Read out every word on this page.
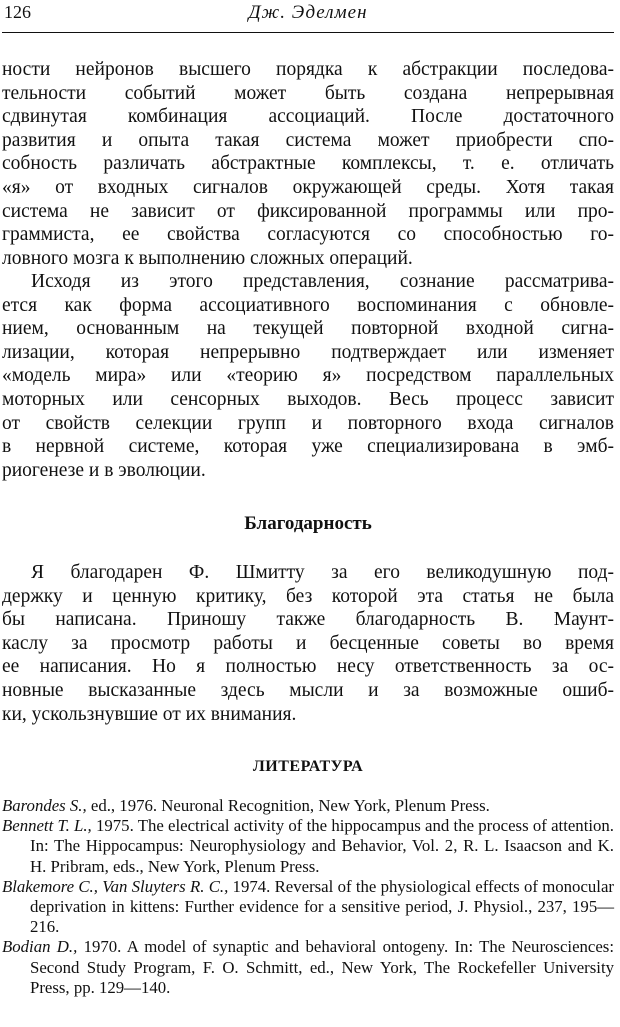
126	Дж. Эделмен
ности нейронов высшего порядка к абстракции последова-
тельности событий может быть создана непрерывная
сдвинутая комбинация ассоциаций. После достаточного
развития и опыта такая система может приобрести спо-
собность различать абстрактные комплексы, т. е. отличать
«я» от входных сигналов окружающей среды. Хотя такая
система не зависит от фиксированной программы или про-
граммиста, ее свойства согласуются со способностью го-
ловного мозга к выполнению сложных операций.
Исходя из этого представления, сознание рассматрива-
ется как форма ассоциативного воспоминания с обновле-
нием, основанным на текущей повторной входной сигна-
лизации, которая непрерывно подтверждает или изменяет
«модель мира» или «теорию я» посредством параллельных
моторных или сенсорных выходов. Весь процесс зависит
от свойств селекции групп и повторного входа сигналов
в нервной системе, которая уже специализирована в эмб-
риогенезе и в эволюции.
Благодарность
Я благодарен Ф. Шмитту за его великодушную под-
держку и ценную критику, без которой эта статья не была
бы написана. Приношу также благодарность В. Маунт-
каслу за просмотр работы и бесценные советы во время
ее написания. Но я полностью несу ответственность за ос-
новные высказанные здесь мысли и за возможные ошиб-
ки, ускользнувшие от их внимания.
ЛИТЕРАТУРА
Barondes S., ed., 1976. Neuronal Recognition, New York, Plenum Press.
Bennett T. L., 1975. The electrical activity of the hippocampus and the process of attention. In: The Hippocampus: Neurophysiology and Behavior, Vol. 2, R. L. Isaacson and K. H. Pribram, eds., New York, Plenum Press.
Blakemore C., Van Sluyters R. C., 1974. Reversal of the physiological effects of monocular deprivation in kittens: Further evidence for a sensitive period, J. Physiol., 237, 195—216.
Bodian D., 1970. A model of synaptic and behavioral ontogeny. In: The Neurosciences: Second Study Program, F. O. Schmitt, ed., New York, The Rockefeller University Press, pp. 129—140.
